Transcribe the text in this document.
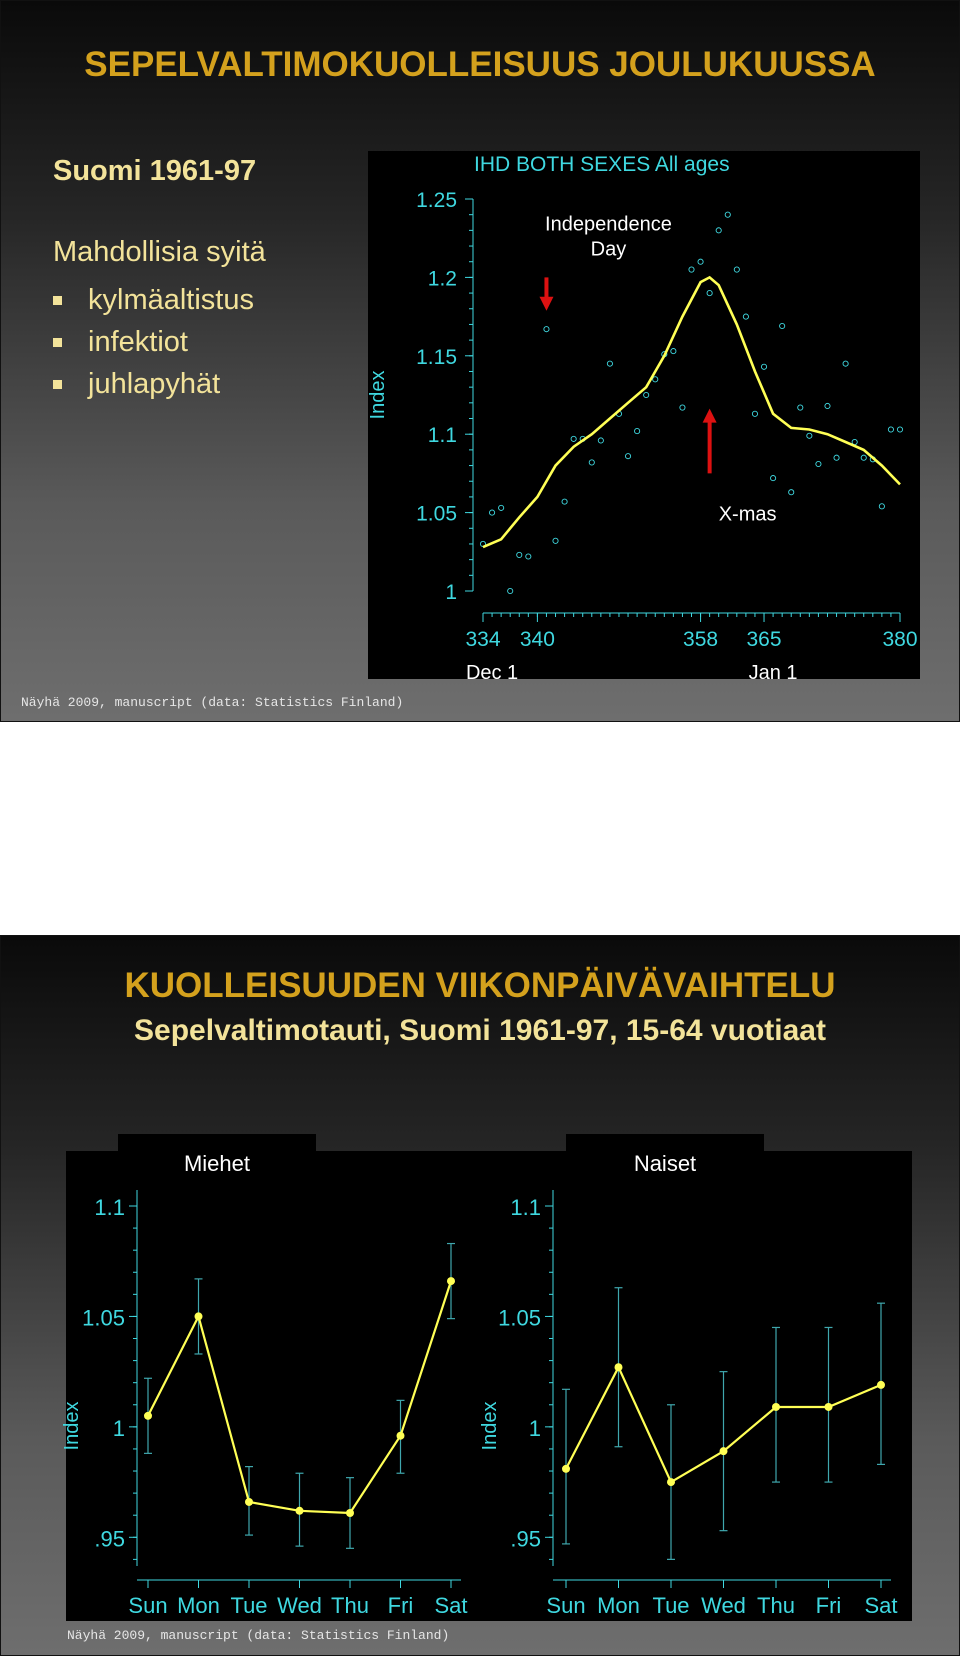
SEPELVALTIMOKUOLLEISUUS JOULUKUUSSA
Suomi 1961-97
Mahdollisia syitä
kylmäaltistus
infektiot
juhlapyhät
IHD BOTH SEXES All ages
1
1.05
1.1
1.15
1.2
1.25
Index
334 340	358 365	380
Dec 1	Jan 1
Independence
Day
X-mas
Näyhä 2009, manuscript (data: Statistics Finland)
KUOLLEISUUDEN VIIKONPÄIVÄVAIHTELU
Sepelvaltimotauti, Suomi 1961-97, 15-64 vuotiaat
Miehet
.95
1
1.05
1.1
Index
Sun Mon Tue Wed Thu Fri Sat
Naiset
.95
1
1.05
1.1
Index
Sun Mon Tue Wed Thu Fri Sat
Näyhä 2009, manuscript (data: Statistics Finland)
